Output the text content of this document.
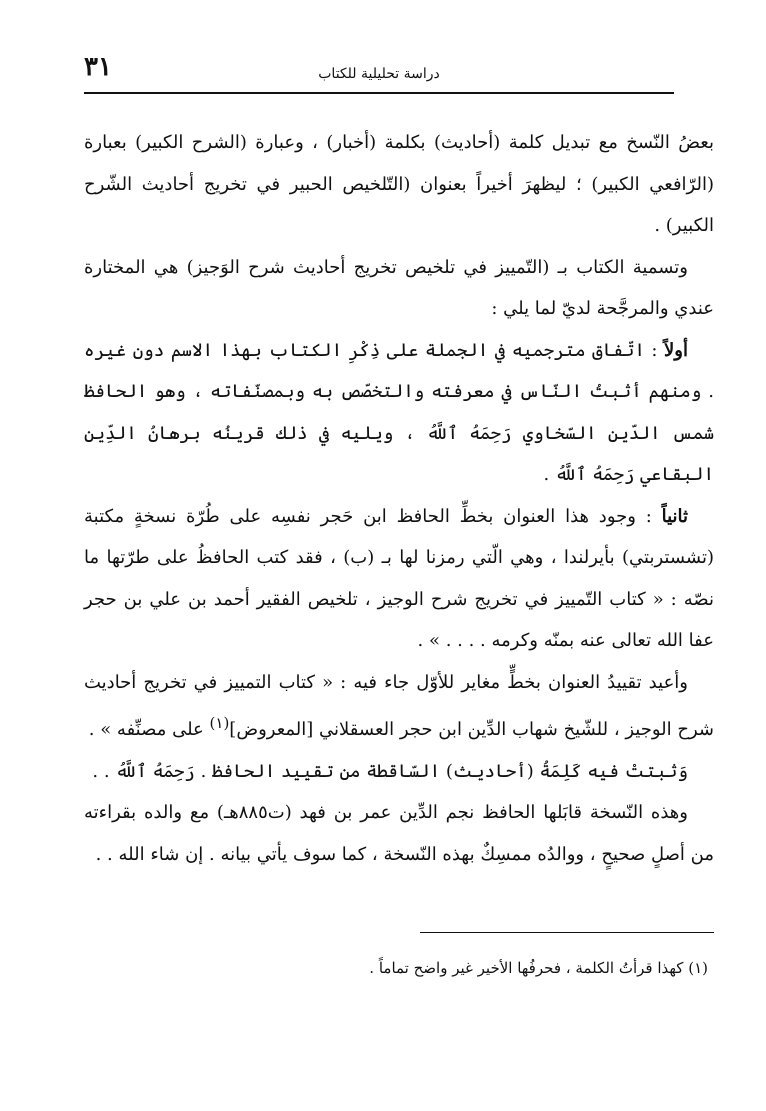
٣١	دراسة تحليلية للكتاب

بعضُ النّسخ مع تبديل كلمة (أحاديث) بكلمة (أخبار) ، وعبارة (الشرح الكبير) بعبارة (الرّافعي الكبير) ؛ ليظهرَ أخيراً بعنوان (التّلخيص الحبير في تخريج أحاديث الشّرح الكبير) .

وتسمية الكتاب بـ (التّمييز في تلخيص تخريج أحاديث شرح الوَجيز) هي المختارة عندي والمرجَّحة لديّ لما يلي :

أولاً : اتّفاق مترجميه في الجملة على ذِكْرِ الكتاب بهذا الاسم دون غيره . ومنهم أثبتُ النّاس في معرفته والتخصّص به وبمصنّفاته ، وهو الحافظ شمس الدّين السّخاوي رَحِمَهُ ٱللَّهُ ، ويليه في ذلك قرينُه برهانُ الدِّين البقاعي رَحِمَهُ ٱللَّهُ .

ثانياً : وجود هذا العنوان بخطِّ الحافظ ابن حَجر نفسِه على طُرّة نسخةٍ مكتبة (تشستربتي) بأيرلندا ، وهي الّتي رمزنا لها بـ (ب) ، فقد كتب الحافظُ على طرّتها ما نصّه : « كتاب التّمييز في تخريج شرح الوجيز ، تلخيص الفقير أحمد بن علي بن حجر عفا الله تعالى عنه بمنّه وكرمه . . . . » .

وأعيد تقييدُ العنوان بخطٍّ مغاير للأوّل جاء فيه : « كتاب التمييز في تخريج أحاديث شرح الوجيز ، للشّيخ شهاب الدِّين ابن حجر العسقلاني [المعروض]$^{(١)}$ على مصنِّفه » .

وَثبتتْ فيه كَلِمَةُ (أحاديث) السّاقطة من تقييد الحافظ . رَحِمَهُ ٱللَّهُ . .

وهذه النّسخة قابَلها الحافظ نجم الدِّين عمر بن فهد (ت٨٨٥هـ) مع والده بقراءته من أصلٍ صحيحٍ ، ووالدُه ممسِكٌ بهذه النّسخة ، كما سوف يأتي بيانه . إن شاء الله . .

(١) كهذا قرأتُ الكلمة ، فحرفُها الأخير غير واضح تماماً .
